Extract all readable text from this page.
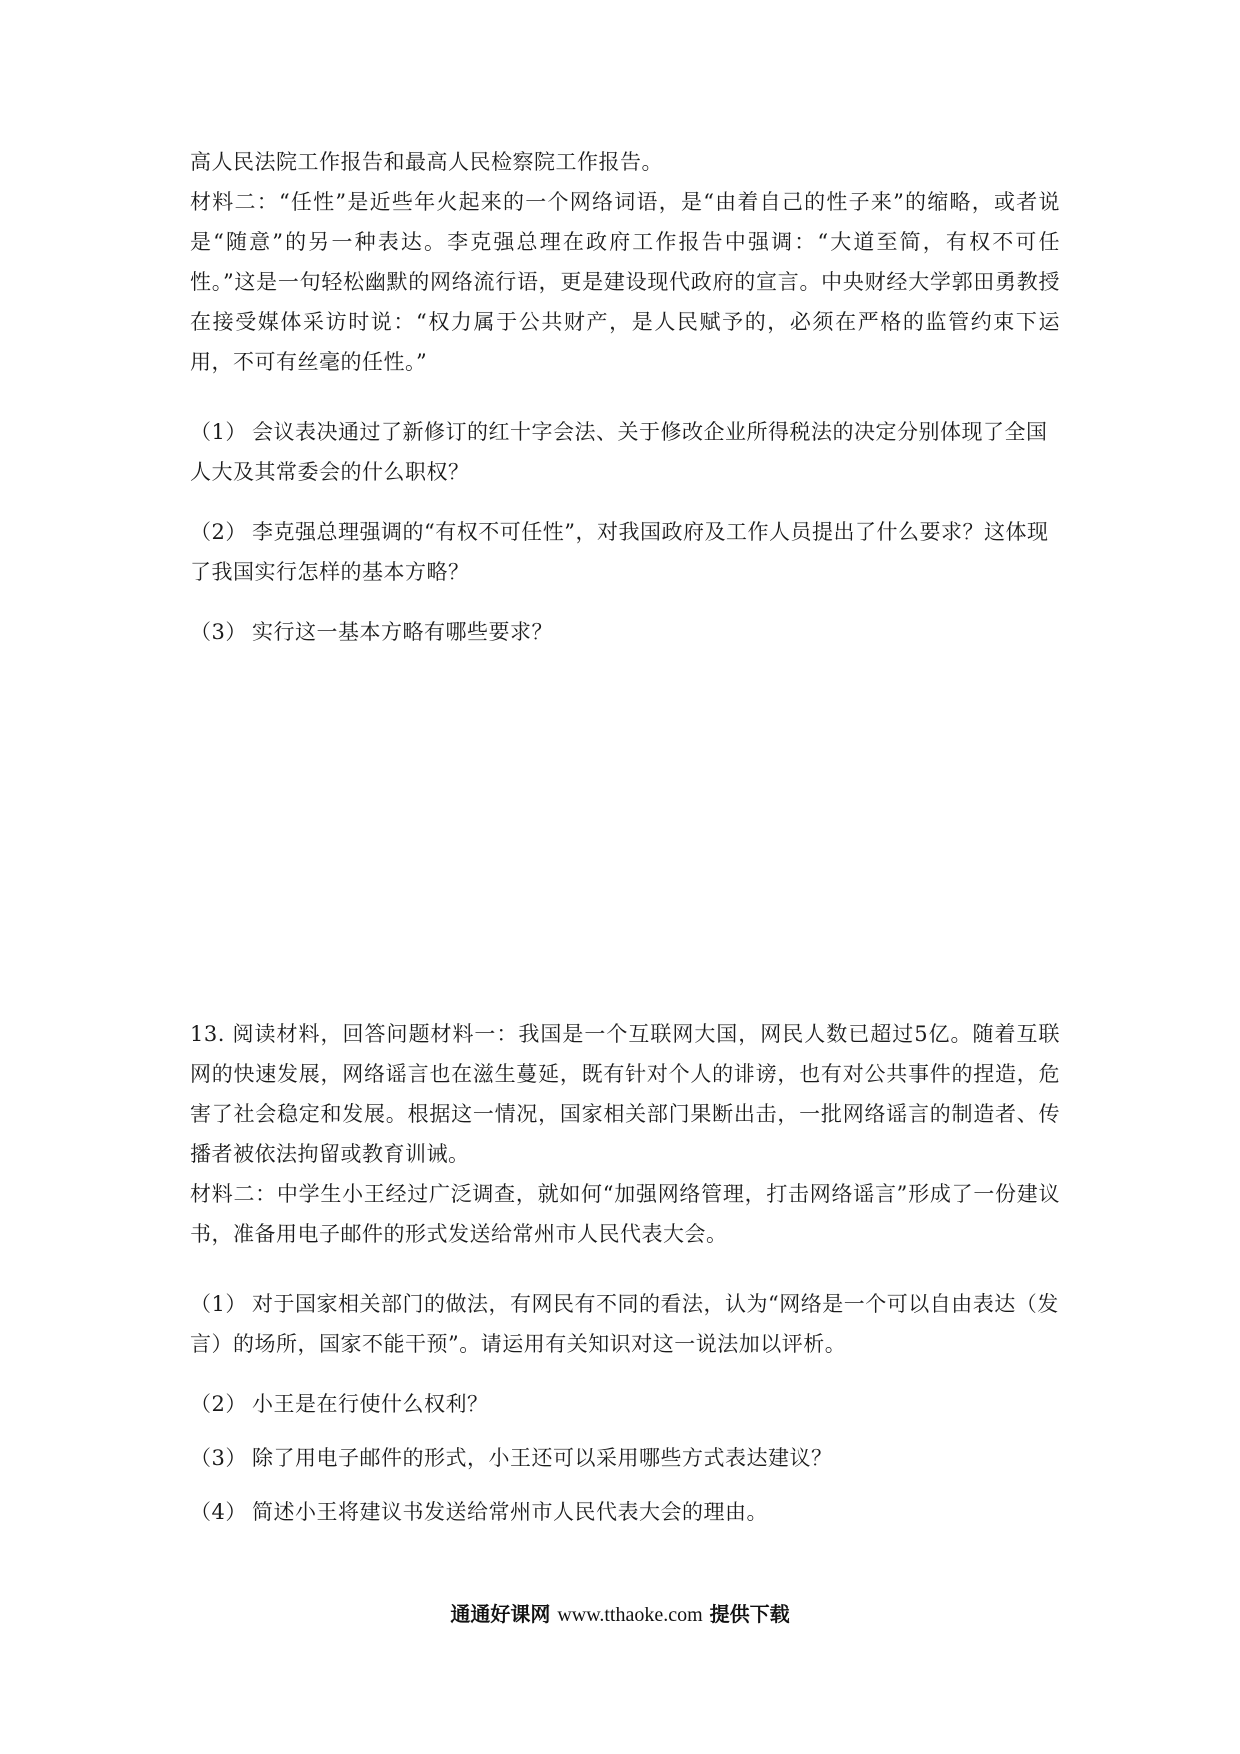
高人民法院工作报告和最高人民检察院工作报告。

材料二：“任性”是近些年火起来的一个网络词语，是“由着自己的性子来”的缩略，或者说是“随意”的另一种表达。李克强总理在政府工作报告中强调：“大道至简，有权不可任性。”这是一句轻松幽默的网络流行语，更是建设现代政府的宣言。中央财经大学郭田勇教授在接受媒体采访时说：“权力属于公共财产，是人民赋予的，必须在严格的监管约束下运用，不可有丝毫的任性。”

（1） 会议表决通过了新修订的红十字会法、关于修改企业所得税法的决定分别体现了全国人大及其常委会的什么职权？
（2） 李克强总理强调的“有权不可任性”，对我国政府及工作人员提出了什么要求？这体现了我国实行怎样的基本方略？
（3） 实行这一基本方略有哪些要求？

13. 阅读材料，回答问题材料一：我国是一个互联网大国，网民人数已超过5亿。随着互联网的快速发展，网络谣言也在滋生蔓延，既有针对个人的诽谤，也有对公共事件的捏造，危害了社会稳定和发展。根据这一情况，国家相关部门果断出击，一批网络谣言的制造者、传播者被依法拘留或教育训诫。

材料二：中学生小王经过广泛调查，就如何“加强网络管理，打击网络谣言”形成了一份建议书，准备用电子邮件的形式发送给常州市人民代表大会。

（1） 对于国家相关部门的做法，有网民有不同的看法，认为“网络是一个可以自由表达（发言）的场所，国家不能干预”。请运用有关知识对这一说法加以评析。
（2） 小王是在行使什么权利？
（3） 除了用电子邮件的形式，小王还可以采用哪些方式表达建议？
（4） 简述小王将建议书发送给常州市人民代表大会的理由。
通通好课网 www.tthaoke.com 提供下载
